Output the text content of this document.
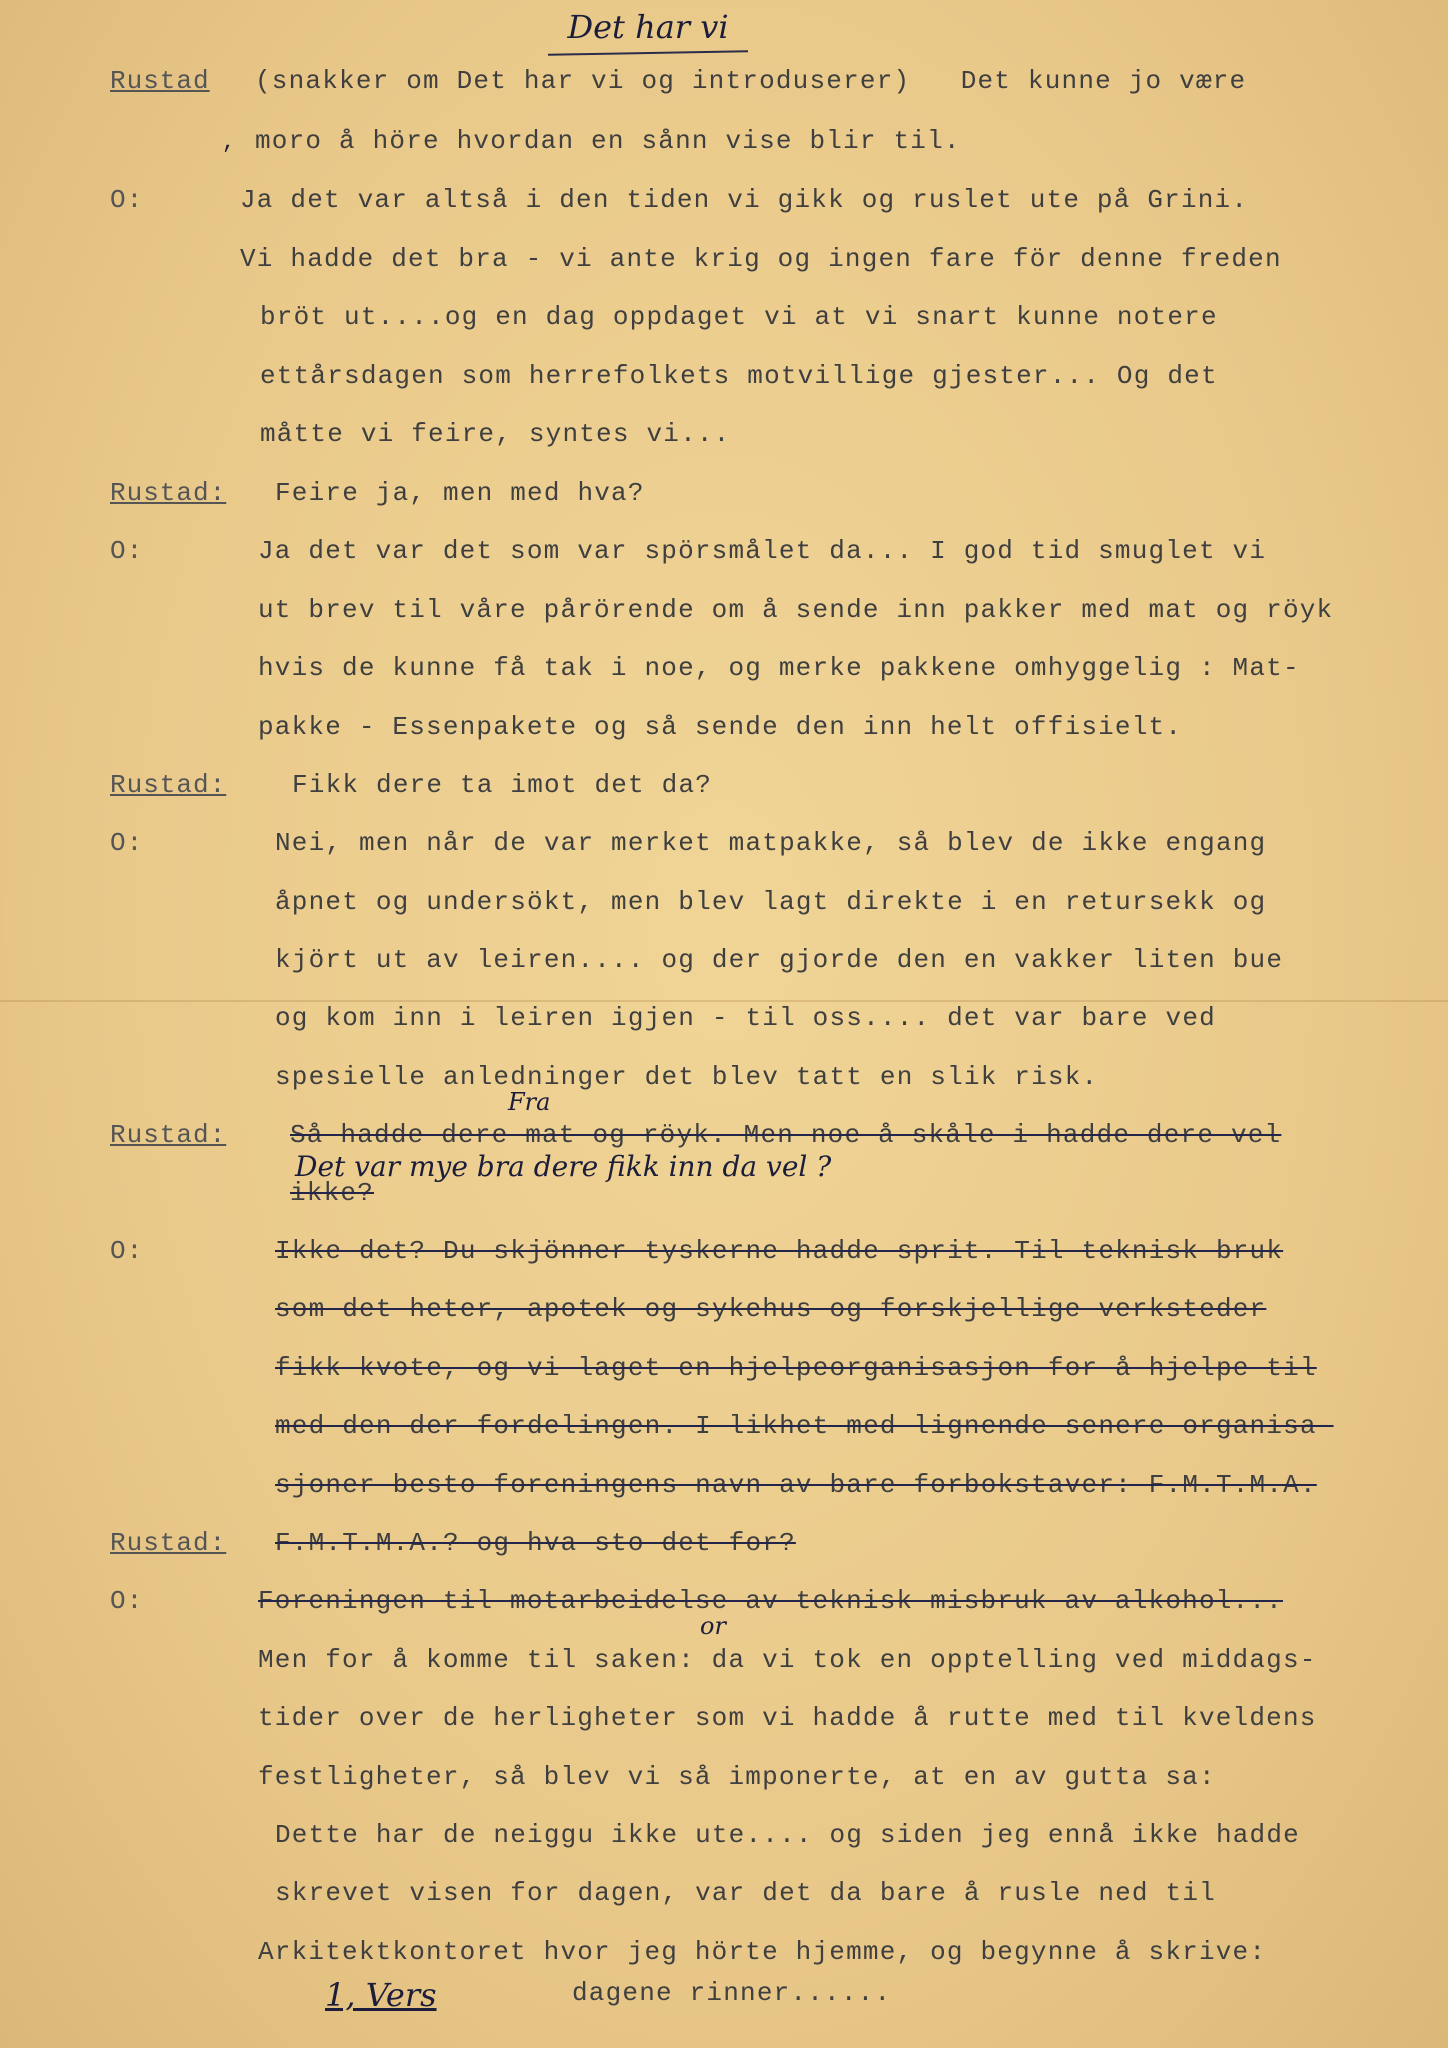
Det har vi
Rustad
O:
Rustad:
O:
Rustad:
O:
Rustad:
O:
Rustad:
O:
(snakker om Det har vi og introduserer)   Det kunne jo være
, moro å höre hvordan en sånn vise blir til.
Ja det var altså i den tiden vi gikk og ruslet ute på Grini.
Vi hadde det bra - vi ante krig og ingen fare för denne freden
bröt ut....og en dag oppdaget vi at vi snart kunne notere
ettårsdagen som herrefolkets motvillige gjester... Og det
måtte vi feire, syntes vi...
Feire ja, men med hva?
Ja det var det som var spörsmålet da... I god tid smuglet vi
ut brev til våre pårörende om å sende inn pakker med mat og röyk
hvis de kunne få tak i noe, og merke pakkene omhyggelig : Mat-
pakke - Essenpakete og så sende den inn helt offisielt.
Fikk dere ta imot det da?
Nei, men når de var merket matpakke, så blev de ikke engang
åpnet og undersökt, men blev lagt direkte i en retursekk og
kjört ut av leiren.... og der gjorde den en vakker liten bue
og kom inn i leiren igjen - til oss.... det var bare ved
spesielle anledninger det blev tatt en slik risk.
Fra
Så hadde dere mat og röyk. Men noe å skåle i hadde dere vel
Det var mye bra dere fikk inn da vel ?
ikke?
Ikke det? Du skjönner tyskerne hadde sprit. Til teknisk bruk
som det heter, apotek og sykehus og forskjellige verksteder
fikk kvote, og vi laget en hjelpeorganisasjon for å hjelpe til
med den der fordelingen. I likhet med lignende senere organisa-
sjoner besto foreningens navn av bare forbokstaver: F.M.T.M.A.
F.M.T.M.A.? og hva sto det for?
Foreningen til motarbeidelse av teknisk misbruk av alkohol...
or
Men for å komme til saken: da vi tok en opptelling ved middags-
tider over de herligheter som vi hadde å rutte med til kveldens
festligheter, så blev vi så imponerte, at en av gutta sa:
Dette har de neiggu ikke ute.... og siden jeg ennå ikke hadde
skrevet visen for dagen, var det da bare å rusle ned til
Arkitektkontoret hvor jeg hörte hjemme, og begynne å skrive:
1, Vers	dagene rinner......
